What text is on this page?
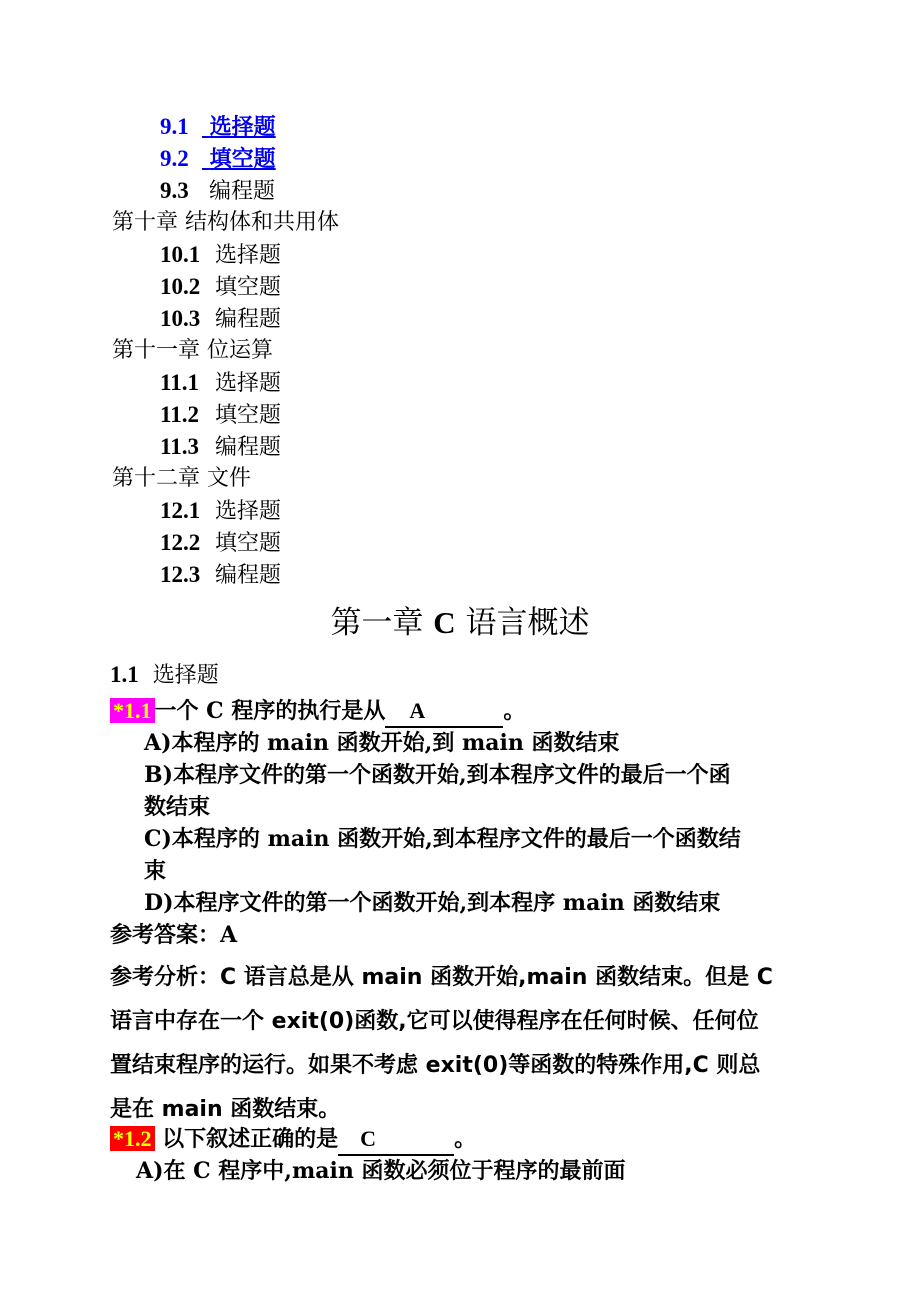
9.1 选择题
9.2 填空题
9.3 编程题
第十章 结构体和共用体
10.1 选择题
10.2 填空题
10.3 编程题
第十一章 位运算
11.1 选择题
11.2 填空题
11.3 编程题
第十二章 文件
12.1 选择题
12.2 填空题
12.3 编程题
第一章 C 语言概述
1.1 选择题
*1.1 一个 C 程序的执行是从 A	。
A)本程序的 main 函数开始,到 main 函数结束
B)本程序文件的第一个函数开始,到本程序文件的最后一个函
数结束
C)本程序的 main 函数开始,到本程序文件的最后一个函数结
束
D)本程序文件的第一个函数开始,到本程序 main 函数结束
参考答案：A
参考分析：C 语言总是从 main 函数开始,main 函数结束。但是 C
语言中存在一个 exit(0)函数,它可以使得程序在任何时候、任何位
置结束程序的运行。如果不考虑 exit(0)等函数的特殊作用,C 则总
是在 main 函数结束。
*1.2 以下叙述正确的是 C	。
A)在 C 程序中,main 函数必须位于程序的最前面
